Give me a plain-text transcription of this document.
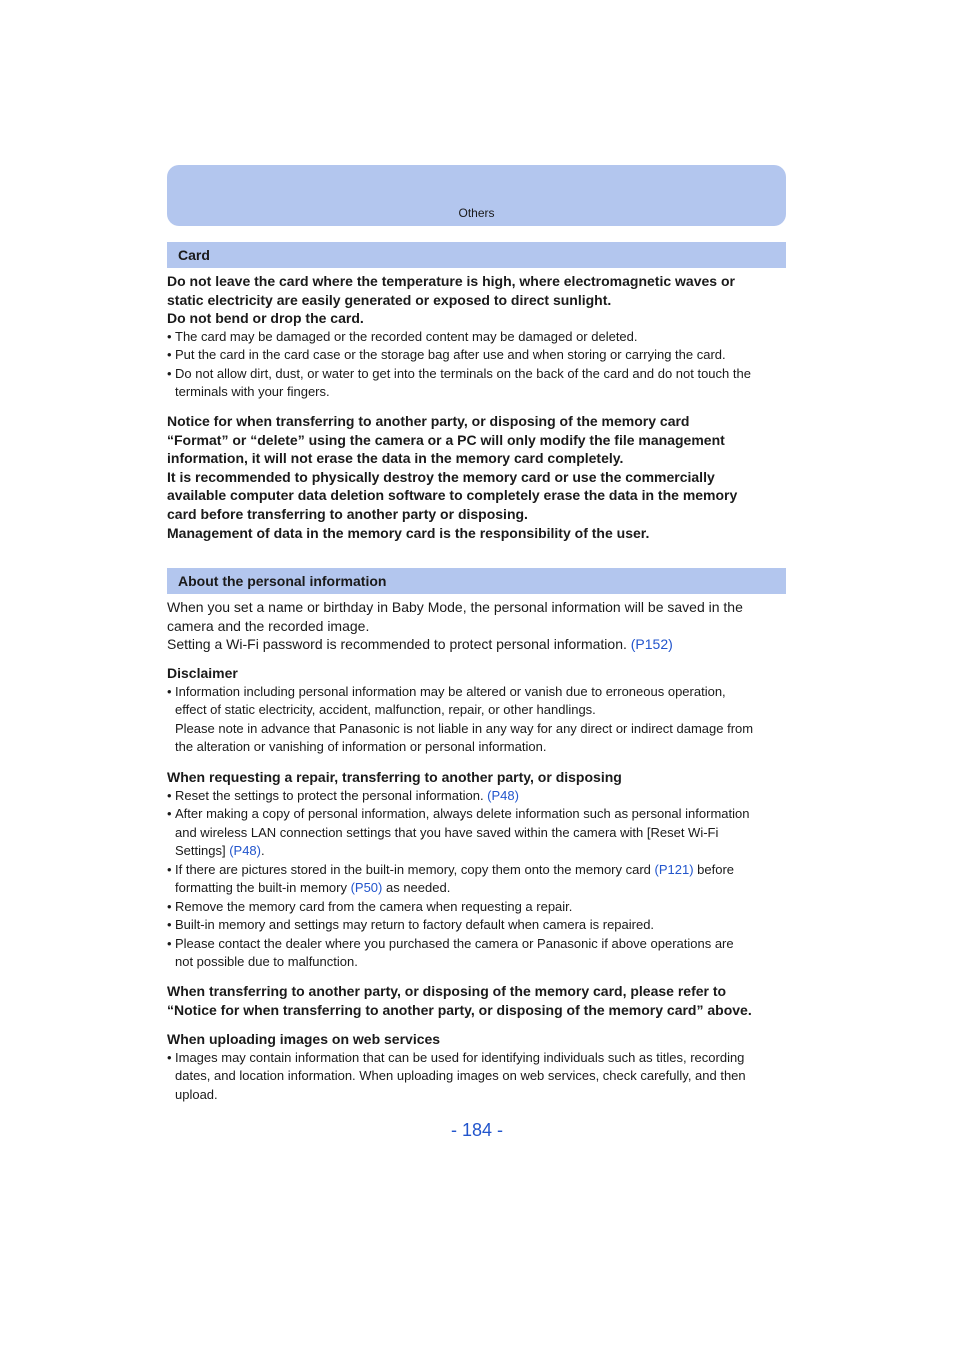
Others
Card
Do not leave the card where the temperature is high, where electromagnetic waves or
static electricity are easily generated or exposed to direct sunlight.
Do not bend or drop the card.
• The card may be damaged or the recorded content may be damaged or deleted.
• Put the card in the card case or the storage bag after use and when storing or carrying the card.
• Do not allow dirt, dust, or water to get into the terminals on the back of the card and do not touch the
terminals with your fingers.
Notice for when transferring to another party, or disposing of the memory card
“Format” or “delete” using the camera or a PC will only modify the file management
information, it will not erase the data in the memory card completely.
It is recommended to physically destroy the memory card or use the commercially
available computer data deletion software to completely erase the data in the memory
card before transferring to another party or disposing.
Management of data in the memory card is the responsibility of the user.
About the personal information
When you set a name or birthday in Baby Mode, the personal information will be saved in the
camera and the recorded image.
Setting a Wi-Fi password is recommended to protect personal information. (P152)
Disclaimer
• Information including personal information may be altered or vanish due to erroneous operation,
effect of static electricity, accident, malfunction, repair, or other handlings.
Please note in advance that Panasonic is not liable in any way for any direct or indirect damage from
the alteration or vanishing of information or personal information.
When requesting a repair, transferring to another party, or disposing
• Reset the settings to protect the personal information. (P48)
• After making a copy of personal information, always delete information such as personal information
and wireless LAN connection settings that you have saved within the camera with [Reset Wi-Fi
Settings] (P48).
• If there are pictures stored in the built-in memory, copy them onto the memory card (P121) before
formatting the built-in memory (P50) as needed.
• Remove the memory card from the camera when requesting a repair.
• Built-in memory and settings may return to factory default when camera is repaired.
• Please contact the dealer where you purchased the camera or Panasonic if above operations are
not possible due to malfunction.
When transferring to another party, or disposing of the memory card, please refer to
“Notice for when transferring to another party, or disposing of the memory card” above.
When uploading images on web services
• Images may contain information that can be used for identifying individuals such as titles, recording
dates, and location information. When uploading images on web services, check carefully, and then
upload.
- 184 -
